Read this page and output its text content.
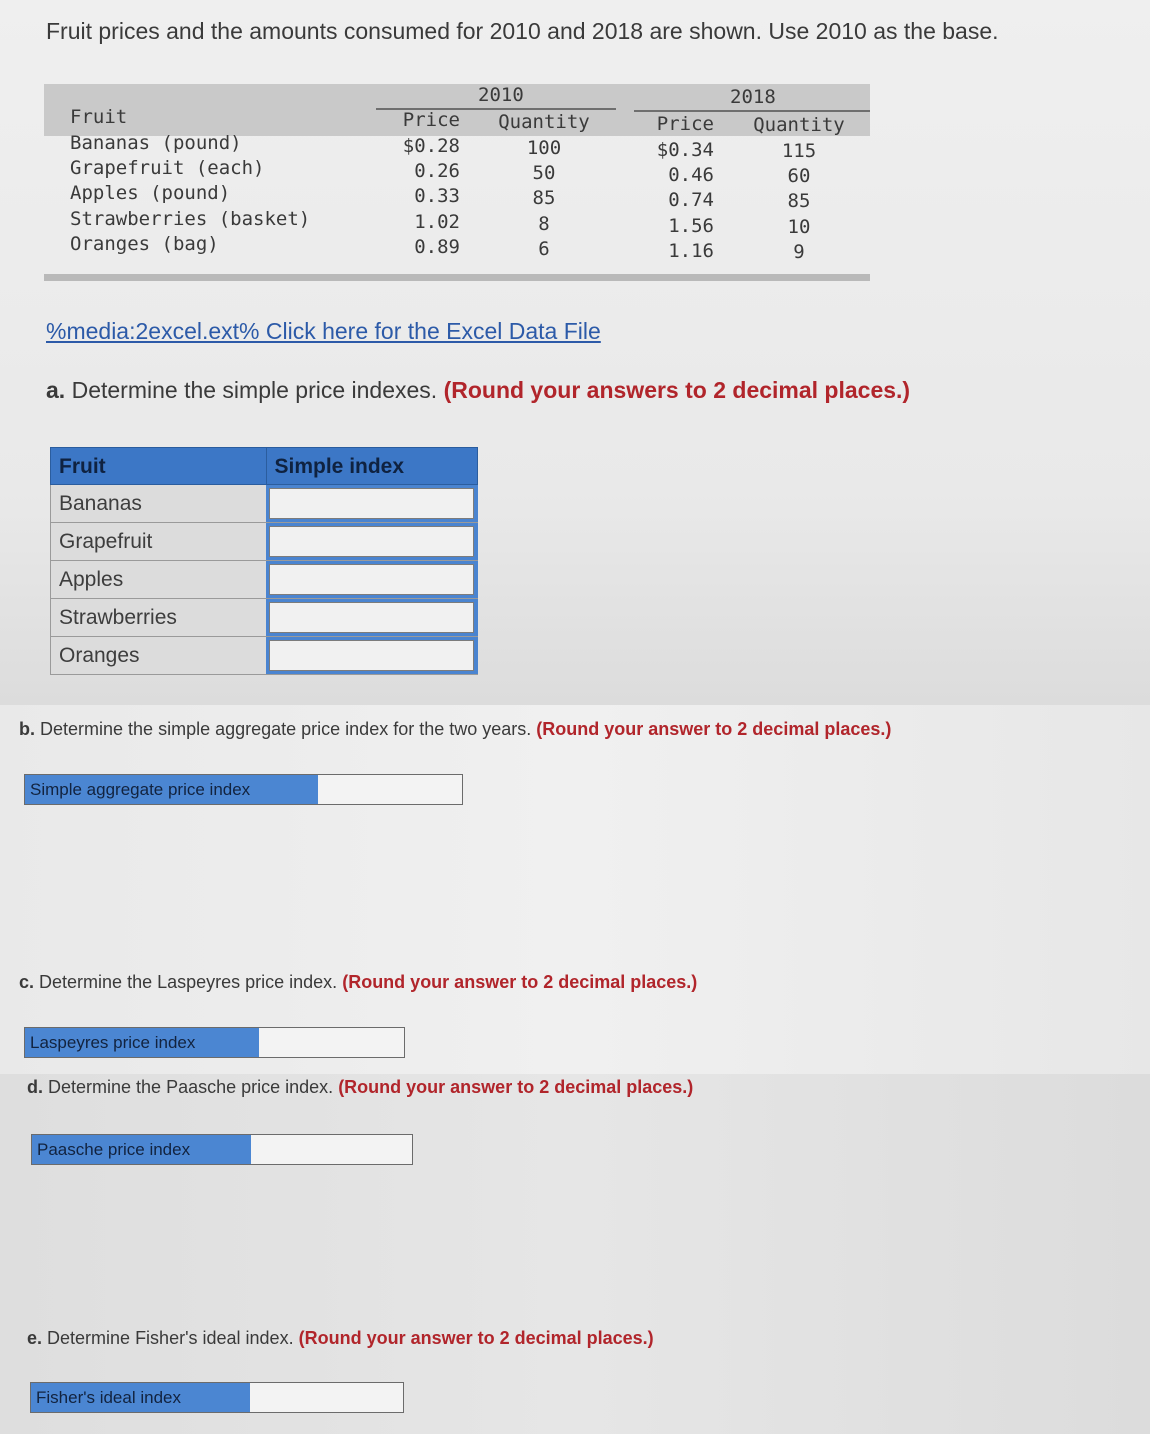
Fruit prices and the amounts consumed for 2010 and 2018 are shown. Use 2010 as the base.
2010	2018
Fruit	Price Quantity	Price Quantity
Bananas (pound)	$0.28	100	$0.34	115
Grapefruit (each)	0.26	50	0.46	60
Apples (pound)	0.33	85	0.74	85
Strawberries (basket)	1.02	8	1.56	10
Oranges (bag)	0.89	6	1.16	9
%media:2excel.ext% Click here for the Excel Data File
a. Determine the simple price indexes. (Round your answers to 2 decimal places.)
Fruit	Simple index
Bananas
Grapefruit
Apples
Strawberries
Oranges
b. Determine the simple aggregate price index for the two years. (Round your answer to 2 decimal places.)
Simple aggregate price index
c. Determine the Laspeyres price index. (Round your answer to 2 decimal places.)
Laspeyres price index
d. Determine the Paasche price index. (Round your answer to 2 decimal places.)
Paasche price index
e. Determine Fisher's ideal index. (Round your answer to 2 decimal places.)
Fisher's ideal index
